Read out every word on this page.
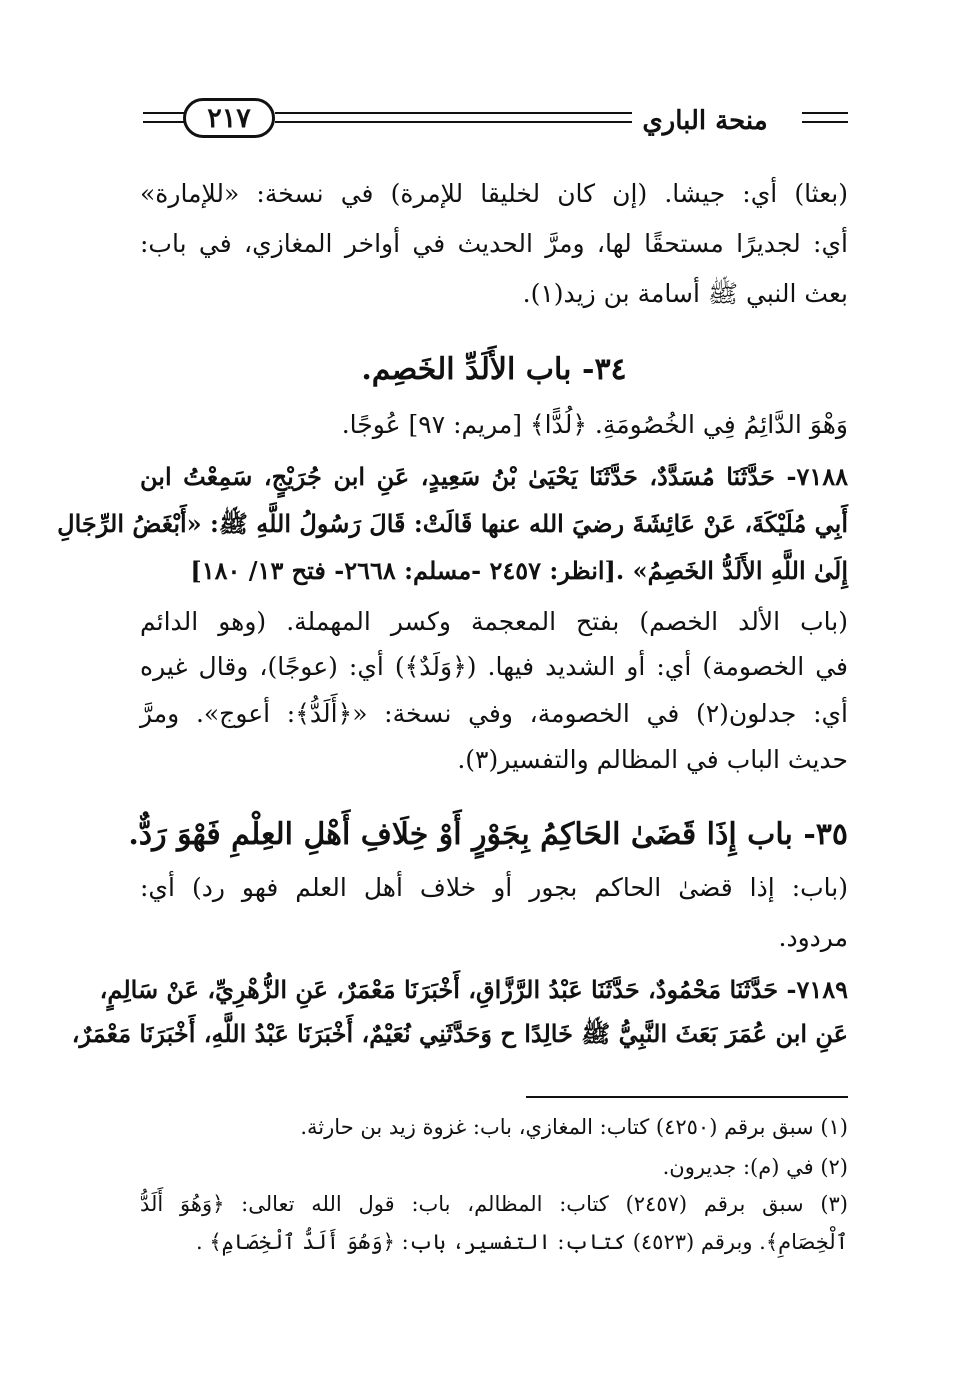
٢١٧	منحة الباري
(بعثا) أي: جيشا. (إن كان لخليقا للإمرة) في نسخة: «للإمارة»
أي: لجديرًا مستحقًا لها، ومرَّ الحديث في أواخر المغازي، في باب:
بعث النبي ﷺ أسامة بن زيد(١).
٣٤- باب الأَلَدِّ الخَصِم.
وَهْوَ الدَّائِمُ فِي الخُصُومَةِ. ﴿لُدًّا﴾ [مريم: ٩٧] عُوجًا.
٧١٨٨- حَدَّثَنَا مُسَدَّدٌ، حَدَّثَنَا يَحْيَىٰ بْنُ سَعِيدٍ، عَنِ ابن جُرَيْجٍ، سَمِعْتُ ابن
أَبِي مُلَيْكَةَ، عَنْ عَائِشَةَ رضيَ الله عنها قَالَتْ: قَالَ رَسُولُ اللَّهِ ﷺ: «أَبْغَضُ الرِّجَالِ
إِلَىٰ اللَّهِ الأَلَدُّ الخَصِمُ» .[انظر: ٢٤٥٧ -مسلم: ٢٦٦٨- فتح ١٣/ ١٨٠]
(باب الألد الخصم) بفتح المعجمة وكسر المهملة. (وهو الدائم
في الخصومة) أي: أو الشديد فيها. (﴿وَلَدٌ﴾) أي: (عوجًا)، وقال غيره
أي: جدلون(٢) في الخصومة، وفي نسخة: «﴿أَلَدُّ﴾: أعوج». ومرَّ
حديث الباب في المظالم والتفسير(٣).
٣٥- باب إِذَا قَضَىٰ الحَاكِمُ بِجَوْرٍ أَوْ خِلَافِ أَهْلِ العِلْمِ فَهْوَ رَدٌّ.
(باب: إذا قضىٰ الحاكم بجور أو خلاف أهل العلم فهو رد) أي:
مردود.
٧١٨٩- حَدَّثَنَا مَحْمُودٌ، حَدَّثَنَا عَبْدُ الرَّزَّاقِ، أَخْبَرَنَا مَعْمَرٌ، عَنِ الزُّهْرِيِّ، عَنْ سَالِمٍ،
عَنِ ابن عُمَرَ بَعَثَ النَّبِيُّ ﷺ خَالِدًا ح وَحَدَّثَنِي نُعَيْمٌ، أَخْبَرَنَا عَبْدُ اللَّهِ، أَخْبَرَنَا مَعْمَرٌ،
(١) سبق برقم (٤٢٥٠) كتاب: المغازي، باب: غزوة زيد بن حارثة.
(٢) في (م): جديرون.
(٣) سبق برقم (٢٤٥٧) كتاب: المظالم، باب: قول الله تعالى: ﴿وَهُوَ أَلَدُّ
ٱلْخِصَامِ﴾. وبرقم (٤٥٢٣) كتاب: التفسير، باب: ﴿وَهُوَ أَلَدُّ ٱلْخِصَامِ﴾ .
